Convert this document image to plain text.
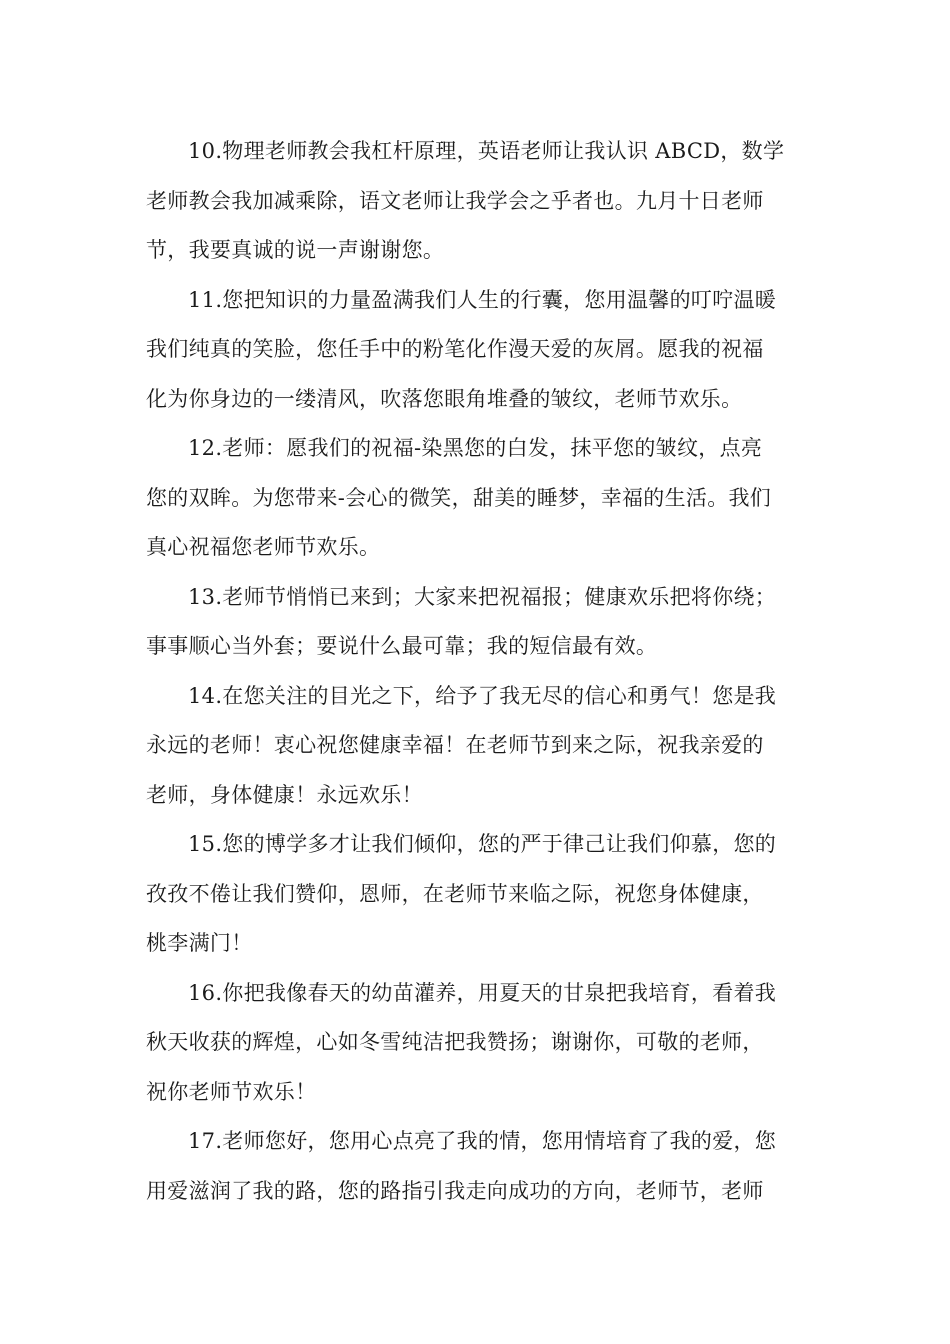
10.物理老师教会我杠杆原理，英语老师让我认识 ABCD，数学
老师教会我加减乘除，语文老师让我学会之乎者也。九月十日老师
节，我要真诚的说一声谢谢您。

11.您把知识的力量盈满我们人生的行囊，您用温馨的叮咛温暖
我们纯真的笑脸，您任手中的粉笔化作漫天爱的灰屑。愿我的祝福
化为你身边的一缕清风，吹落您眼角堆叠的皱纹，老师节欢乐。

12.老师：愿我们的祝福-染黑您的白发，抹平您的皱纹，点亮
您的双眸。为您带来-会心的微笑，甜美的睡梦，幸福的生活。我们
真心祝福您老师节欢乐。

13.老师节悄悄已来到；大家来把祝福报；健康欢乐把将你绕；
事事顺心当外套；要说什么最可靠；我的短信最有效。

14.在您关注的目光之下，给予了我无尽的信心和勇气！您是我
永远的老师！衷心祝您健康幸福！在老师节到来之际，祝我亲爱的
老师，身体健康！永远欢乐！

15.您的博学多才让我们倾仰，您的严于律己让我们仰慕，您的
孜孜不倦让我们赞仰，恩师，在老师节来临之际，祝您身体健康，
桃李满门！

16.你把我像春天的幼苗灌养，用夏天的甘泉把我培育，看着我
秋天收获的辉煌，心如冬雪纯洁把我赞扬；谢谢你，可敬的老师，
祝你老师节欢乐！

17.老师您好，您用心点亮了我的情，您用情培育了我的爱，您
用爱滋润了我的路，您的路指引我走向成功的方向，老师节，老师
